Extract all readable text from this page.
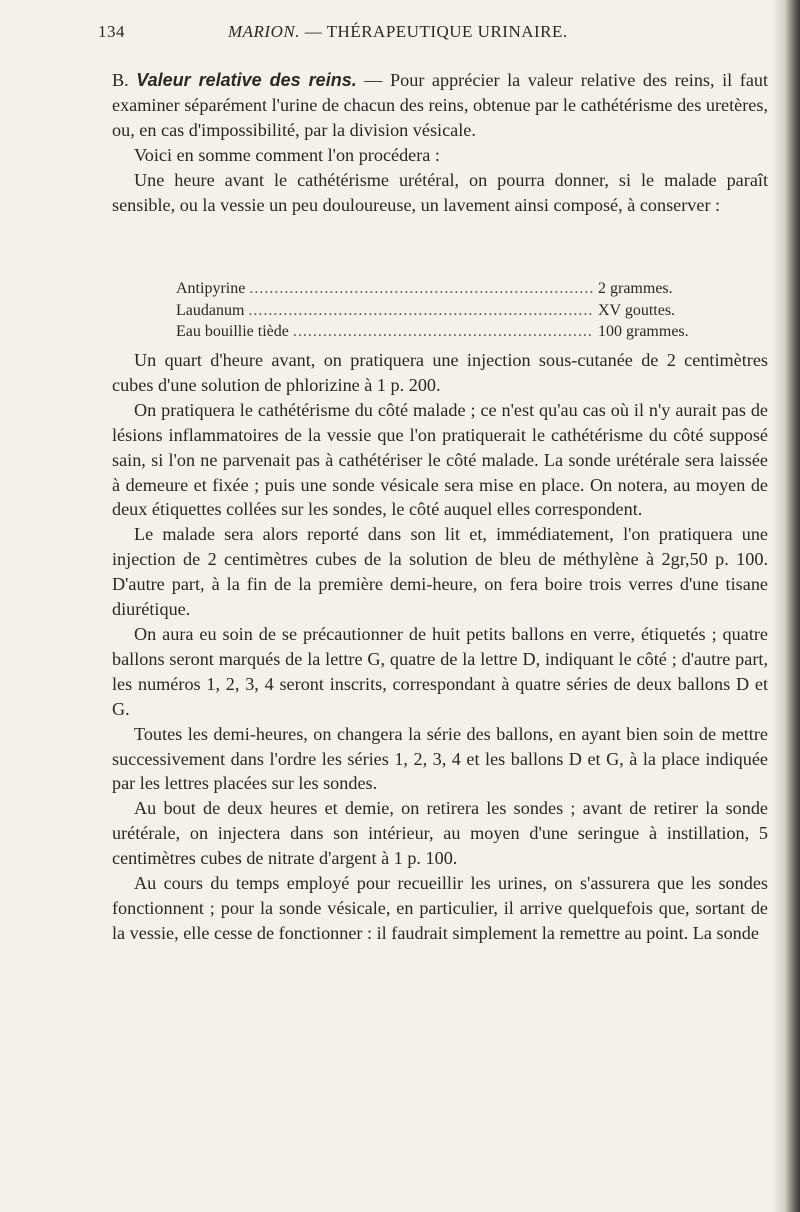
134	MARION. — THÉRAPEUTIQUE URINAIRE.

B. Valeur relative des reins. — Pour apprécier la valeur relative des reins, il faut examiner séparément l'urine de chacun des reins, obtenue par le cathétérisme des uretères, ou, en cas d'impossibilité, par la division vésicale.

Voici en somme comment l'on procédera :

Une heure avant le cathétérisme urétéral, on pourra donner, si le malade paraît sensible, ou la vessie un peu douloureuse, un lavement ainsi composé, à conserver :

Antipyrine .....	2 grammes.
Laudanum .....	XV gouttes.
Eau bouillie tiède .....	100 grammes.

Un quart d'heure avant, on pratiquera une injection sous-cutanée de 2 centimètres cubes d'une solution de phlorizine à 1 p. 200.

On pratiquera le cathétérisme du côté malade ; ce n'est qu'au cas où il n'y aurait pas de lésions inflammatoires de la vessie que l'on pratiquerait le cathétérisme du côté supposé sain, si l'on ne parvenait pas à cathétériser le côté malade. La sonde urétérale sera laissée à demeure et fixée ; puis une sonde vésicale sera mise en place. On notera, au moyen de deux étiquettes collées sur les sondes, le côté auquel elles correspondent.

Le malade sera alors reporté dans son lit et, immédiatement, l'on pratiquera une injection de 2 centimètres cubes de la solution de bleu de méthylène à 2gr,50 p. 100. D'autre part, à la fin de la première demi-heure, on fera boire trois verres d'une tisane diurétique.

On aura eu soin de se précautionner de huit petits ballons en verre, étiquetés ; quatre ballons seront marqués de la lettre G, quatre de la lettre D, indiquant le côté ; d'autre part, les numéros 1, 2, 3, 4 seront inscrits, correspondant à quatre séries de deux ballons D et G.

Toutes les demi-heures, on changera la série des ballons, en ayant bien soin de mettre successivement dans l'ordre les séries 1, 2, 3, 4 et les ballons D et G, à la place indiquée par les lettres placées sur les sondes.

Au bout de deux heures et demie, on retirera les sondes ; avant de retirer la sonde urétérale, on injectera dans son intérieur, au moyen d'une seringue à instillation, 5 centimètres cubes de nitrate d'argent à 1 p. 100.

Au cours du temps employé pour recueillir les urines, on s'assurera que les sondes fonctionnent ; pour la sonde vésicale, en particulier, il arrive quelquefois que, sortant de la vessie, elle cesse de fonctionner : il faudrait simplement la remettre au point. La sonde
